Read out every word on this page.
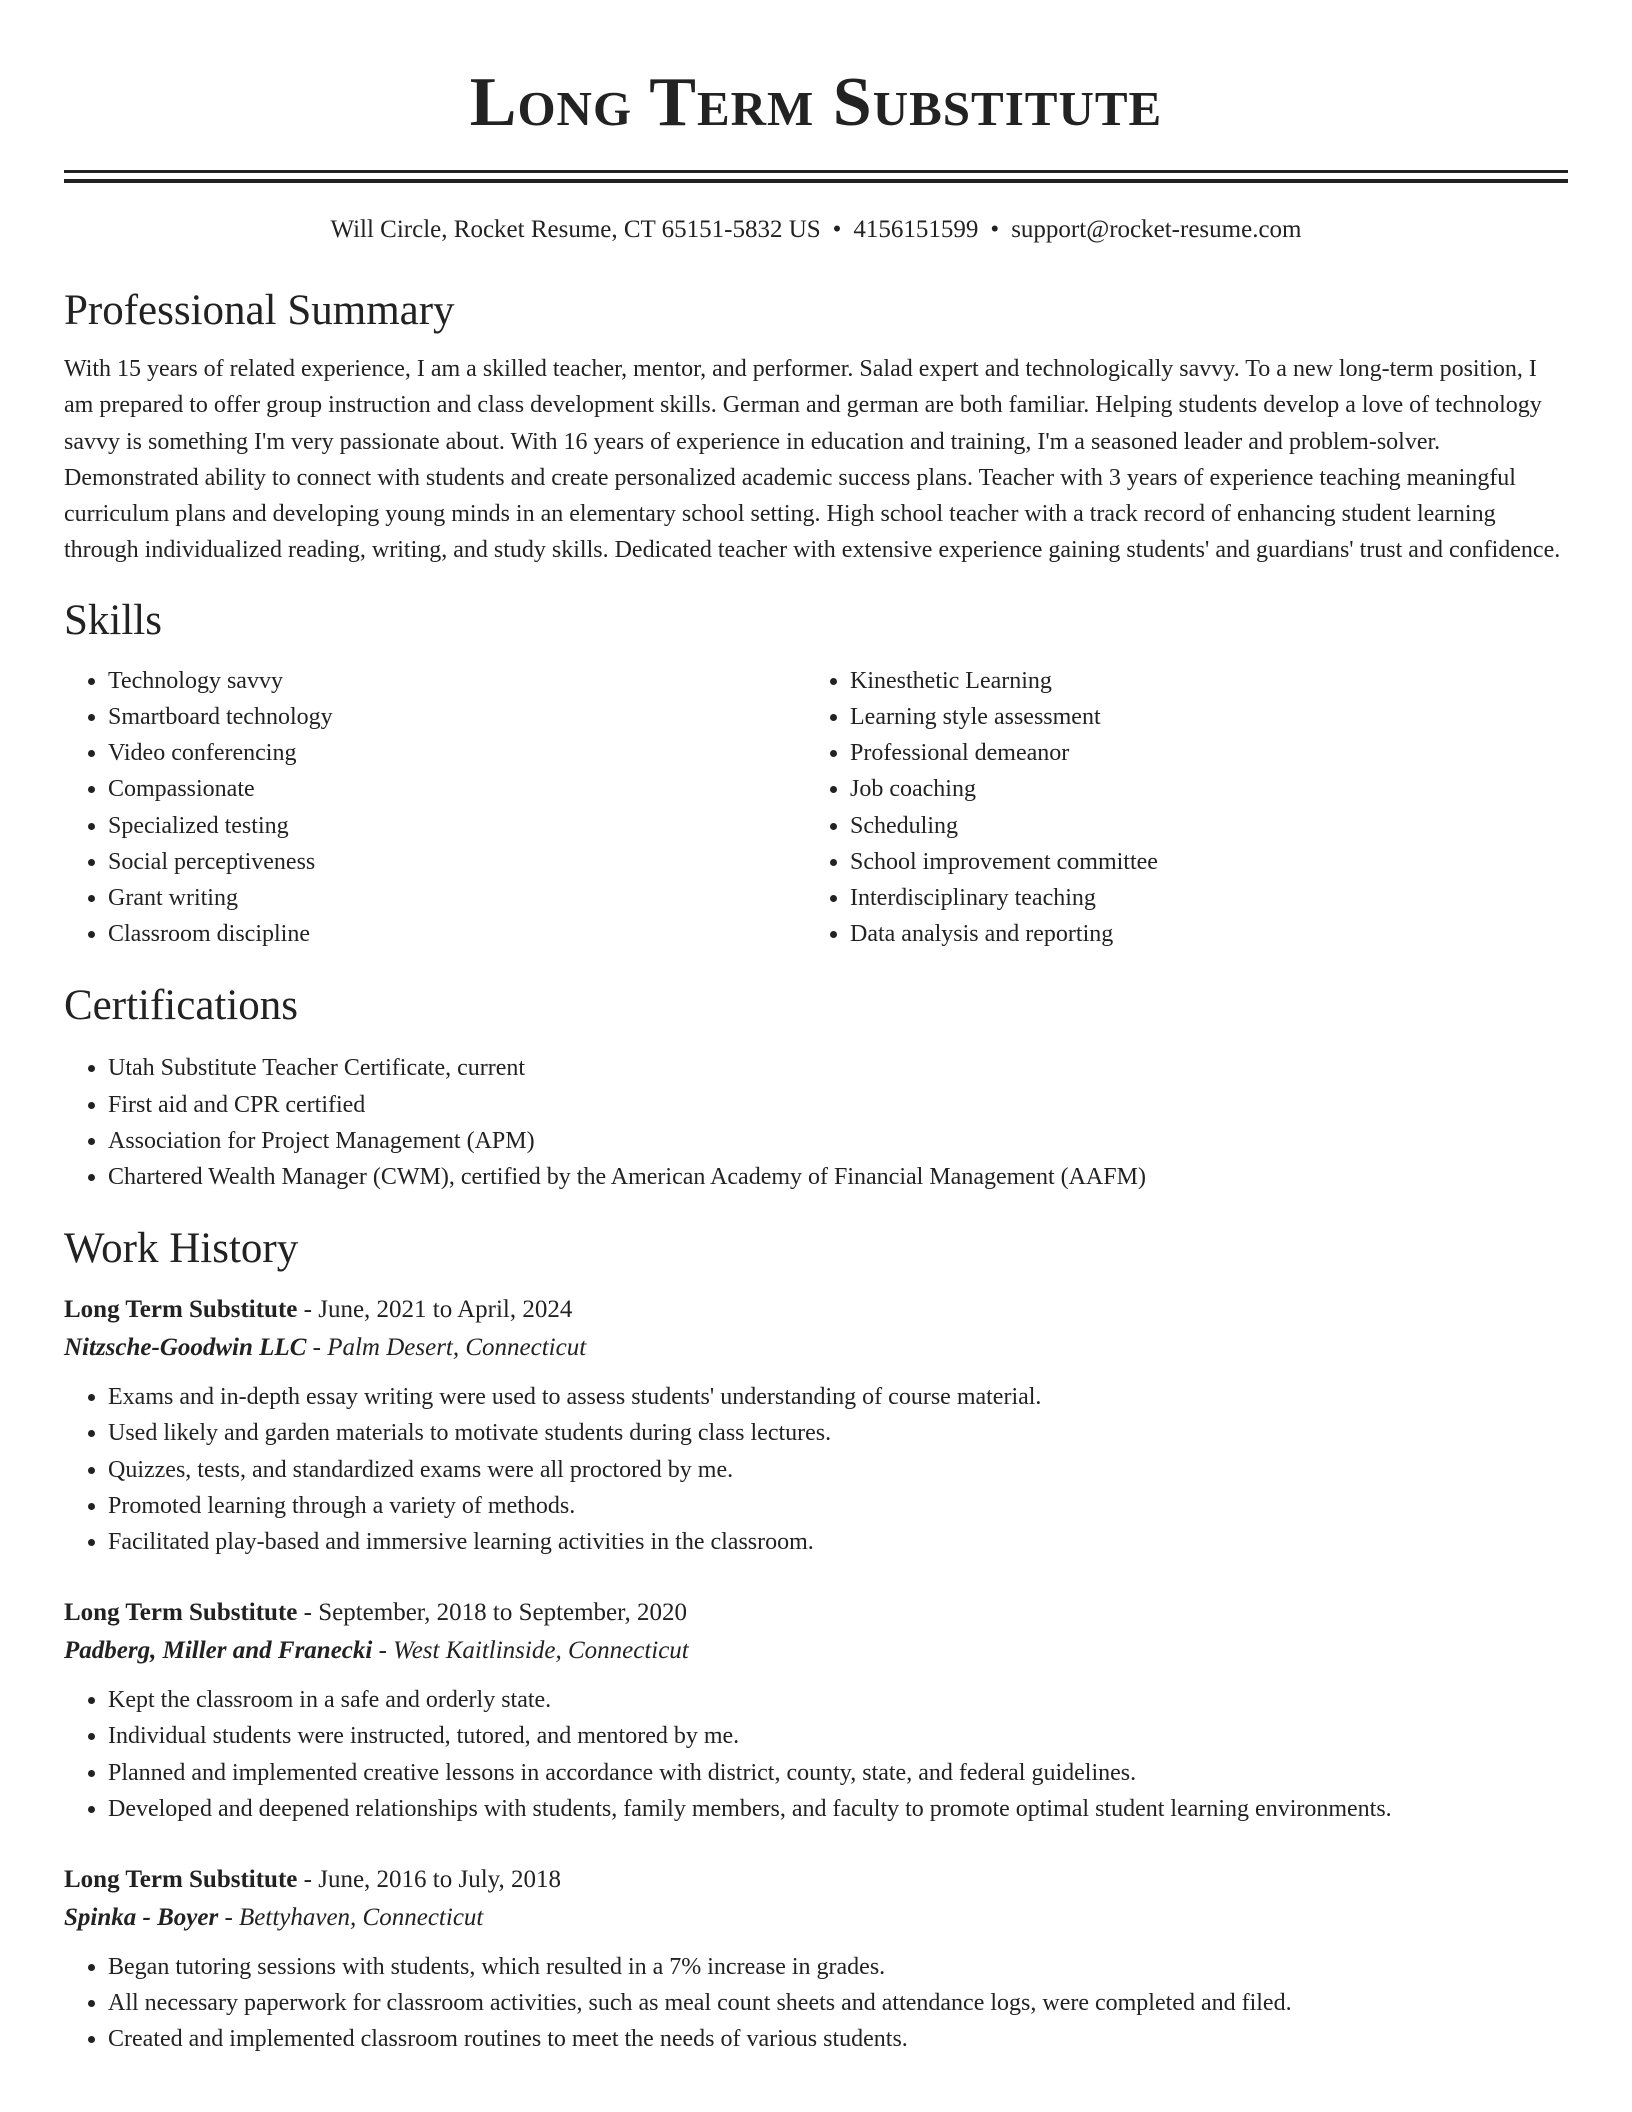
Long Term Substitute
Will Circle, Rocket Resume, CT 65151-5832 US • 4156151599 • support@rocket-resume.com
Professional Summary

With 15 years of related experience, I am a skilled teacher, mentor, and performer. Salad expert and technologically savvy. To a new long-term position, I am prepared to offer group instruction and class development skills. German and german are both familiar. Helping students develop a love of technology savvy is something I'm very passionate about. With 16 years of experience in education and training, I'm a seasoned leader and problem-solver. Demonstrated ability to connect with students and create personalized academic success plans. Teacher with 3 years of experience teaching meaningful curriculum plans and developing young minds in an elementary school setting. High school teacher with a track record of enhancing student learning through individualized reading, writing, and study skills. Dedicated teacher with extensive experience gaining students' and guardians' trust and confidence.

Skills
• Technology savvy
• Smartboard technology
• Video conferencing
• Compassionate
• Specialized testing
• Social perceptiveness
• Grant writing
• Classroom discipline
• Kinesthetic Learning
• Learning style assessment
• Professional demeanor
• Job coaching
• Scheduling
• School improvement committee
• Interdisciplinary teaching
• Data analysis and reporting
Certifications
• Utah Substitute Teacher Certificate, current
• First aid and CPR certified
• Association for Project Management (APM)
• Chartered Wealth Manager (CWM), certified by the American Academy of Financial Management (AAFM)
Work History
Long Term Substitute - June, 2021 to April, 2024
Nitzsche-Goodwin LLC - Palm Desert, Connecticut
• Exams and in-depth essay writing were used to assess students' understanding of course material.
• Used likely and garden materials to motivate students during class lectures.
• Quizzes, tests, and standardized exams were all proctored by me.
• Promoted learning through a variety of methods.
• Facilitated play-based and immersive learning activities in the classroom.
Long Term Substitute - September, 2018 to September, 2020
Padberg, Miller and Franecki - West Kaitlinside, Connecticut
• Kept the classroom in a safe and orderly state.
• Individual students were instructed, tutored, and mentored by me.
• Planned and implemented creative lessons in accordance with district, county, state, and federal guidelines.
• Developed and deepened relationships with students, family members, and faculty to promote optimal student learning environments.
Long Term Substitute - June, 2016 to July, 2018
Spinka - Boyer - Bettyhaven, Connecticut
• Began tutoring sessions with students, which resulted in a 7% increase in grades.
• All necessary paperwork for classroom activities, such as meal count sheets and attendance logs, were completed and filed.
• Created and implemented classroom routines to meet the needs of various students.
